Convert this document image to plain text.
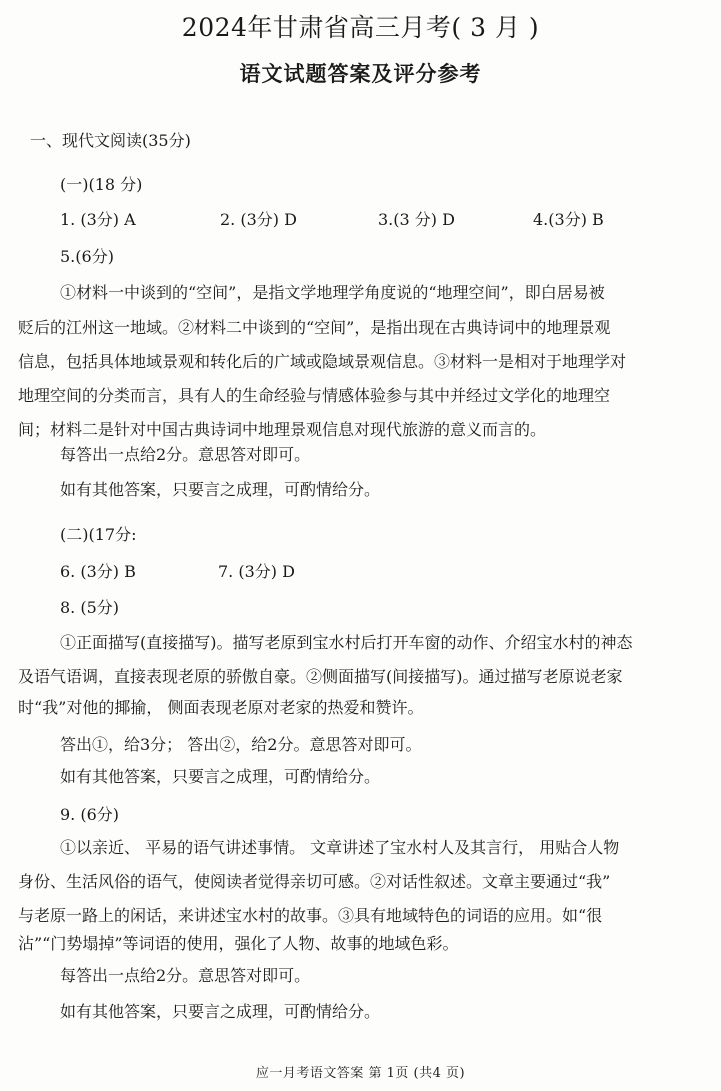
2024年甘肃省高三月考( 3 月 )
语文试题答案及评分参考
一、现代文阅读(35分)
(一)(18 分)
1. (3分) A	2. (3分) D	3.(3 分) D	4.(3分) B
5.(6分)
①材料一中谈到的“空间”，是指文学地理学角度说的“地理空间”，即白居易被
贬后的江州这一地域。②材料二中谈到的“空间”，是指出现在古典诗词中的地理景观
信息，包括具体地域景观和转化后的广域或隐域景观信息。③材料一是相对于地理学对
地理空间的分类而言，具有人的生命经验与情感体验参与其中并经过文学化的地理空
间；材料二是针对中国古典诗词中地理景观信息对现代旅游的意义而言的。
每答出一点给2分。意思答对即可。
如有其他答案，只要言之成理，可酌情给分。
(二)(17分:
6. (3分) B	7. (3分) D
8. (5分)
①正面描写(直接描写)。描写老原到宝水村后打开车窗的动作、介绍宝水村的神态
及语气语调，直接表现老原的骄傲自豪。②侧面描写(间接描写)。通过描写老原说老家
时“我”对他的揶揄， 侧面表现老原对老家的热爱和赞许。
答出①，给3分； 答出②，给2分。意思答对即可。
如有其他答案，只要言之成理，可酌情给分。
9. (6分)
①以亲近、 平易的语气讲述事情。 文章讲述了宝水村人及其言行， 用贴合人物
身份、生活风俗的语气，使阅读者觉得亲切可感。②对话性叙述。文章主要通过“我”
与老原一路上的闲话，来讲述宝水村的故事。③具有地域特色的词语的应用。如“很
沾”“门势塌掉”等词语的使用，强化了人物、故事的地域色彩。
每答出一点给2分。意思答对即可。
如有其他答案，只要言之成理，可酌情给分。
应一月考语文答案 第 1页 (共4 页)
